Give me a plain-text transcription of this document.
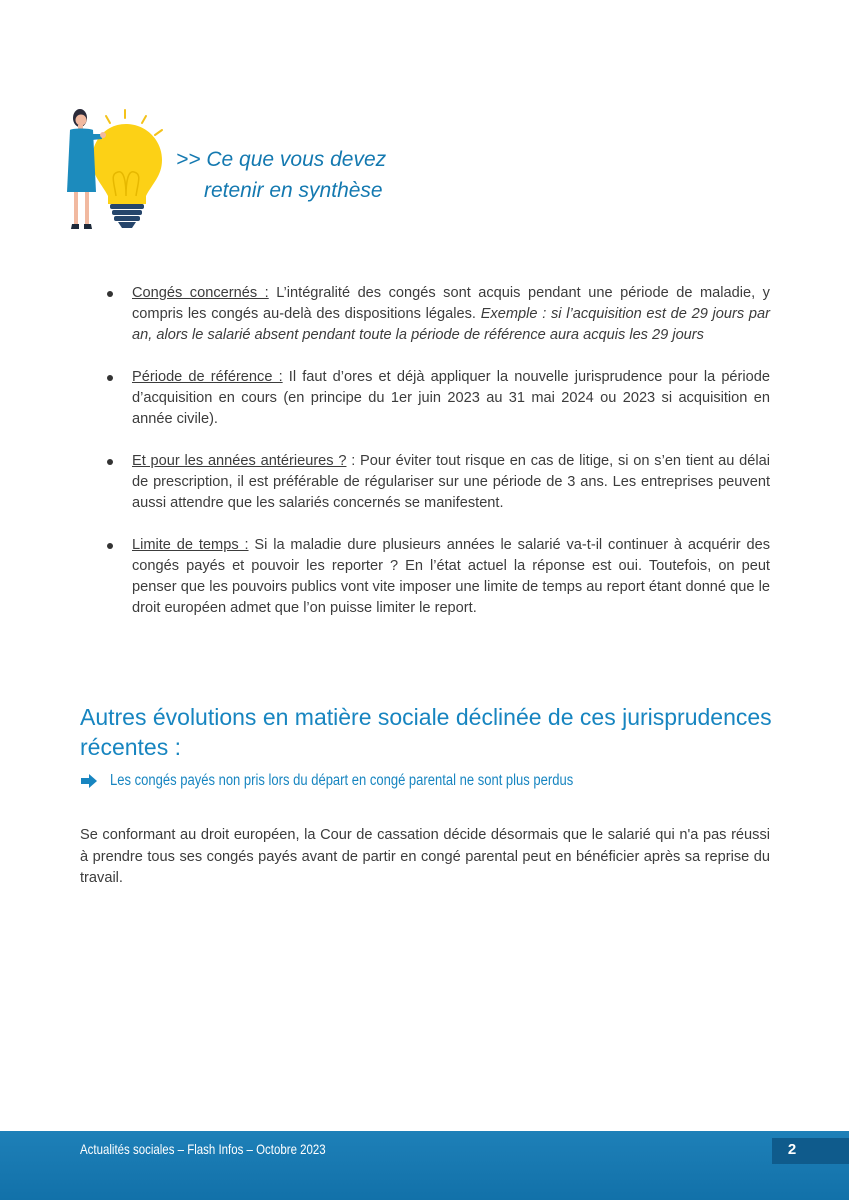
>> Ce que vous devez
retenir en synthèse
Congés concernés : L’intégralité des congés sont acquis pendant une période de maladie, y compris les congés au-delà des dispositions légales. Exemple : si l’acquisition est de 29 jours par an, alors le salarié absent pendant toute la période de référence aura acquis les 29 jours
Période de référence : Il faut d’ores et déjà appliquer la nouvelle jurisprudence pour la période d’acquisition en cours (en principe du 1er juin 2023 au 31 mai 2024 ou 2023 si acquisition en année civile).
Et pour les années antérieures ? : Pour éviter tout risque en cas de litige, si on s’en tient au délai de prescription, il est préférable de régulariser sur une période de 3 ans. Les entreprises peuvent aussi attendre que les salariés concernés se manifestent.
Limite de temps : Si la maladie dure plusieurs années le salarié va-t-il continuer à acquérir des congés payés et pouvoir les reporter ? En l’état actuel la réponse est oui. Toutefois, on peut penser que les pouvoirs publics vont vite imposer une limite de temps au report étant donné que le droit européen admet que l’on puisse limiter le report.
Autres évolutions en matière sociale déclinée de ces jurisprudences récentes :
Les congés payés non pris lors du départ en congé parental ne sont plus perdus

Se conformant au droit européen, la Cour de cassation décide désormais que le salarié qui n'a pas réussi à prendre tous ses congés payés avant de partir en congé parental peut en bénéficier après sa reprise du travail.

Actualités sociales – Flash Infos – Octobre 2023	2
